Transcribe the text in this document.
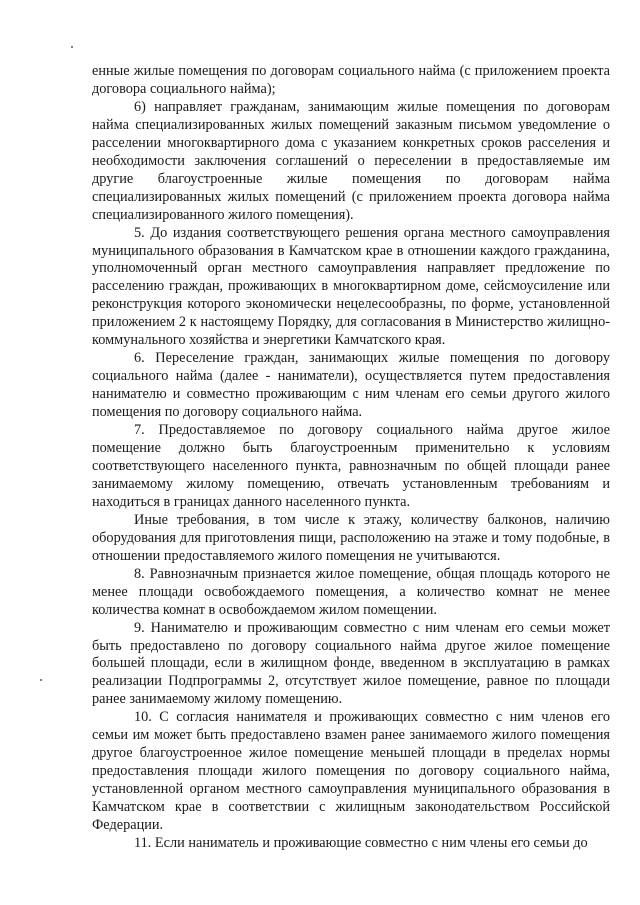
енные жилые помещения по договорам социального найма (с приложением проекта договора социального найма);

6) направляет гражданам, занимающим жилые помещения по договорам найма специализированных жилых помещений заказным письмом уведомление о расселении многоквартирного дома с указанием конкретных сроков расселения и необходимости заключения соглашений о переселении в предоставляемые им другие благоустроенные жилые помещения по договорам найма специализированных жилых помещений (с приложением проекта договора найма специализированного жилого помещения).

5. До издания соответствующего решения органа местного самоуправления муниципального образования в Камчатском крае в отношении каждого гражданина, уполномоченный орган местного самоуправления направляет предложение по расселению граждан, проживающих в многоквартирном доме, сейсмоусиление или реконструкция которого экономически нецелесообразны, по форме, установленной приложением 2 к настоящему Порядку, для согласования в Министерство жилищно-коммунального хозяйства и энергетики Камчатского края.

6. Переселение граждан, занимающих жилые помещения по договору социального найма (далее - наниматели), осуществляется путем предоставления нанимателю и совместно проживающим с ним членам его семьи другого жилого помещения по договору социального найма.

7. Предоставляемое по договору социального найма другое жилое помещение должно быть благоустроенным применительно к условиям соответствующего населенного пункта, равнозначным по общей площади ранее занимаемому жилому помещению, отвечать установленным требованиям и находиться в границах данного населенного пункта.

Иные требования, в том числе к этажу, количеству балконов, наличию оборудования для приготовления пищи, расположению на этаже и тому подобные, в отношении предоставляемого жилого помещения не учитываются.

8. Равнозначным признается жилое помещение, общая площадь которого не менее площади освобождаемого помещения, а количество комнат не менее количества комнат в освобождаемом жилом помещении.

9. Нанимателю и проживающим совместно с ним членам его семьи может быть предоставлено по договору социального найма другое жилое помещение большей площади, если в жилищном фонде, введенном в эксплуатацию в рамках реализации Подпрограммы 2, отсутствует жилое помещение, равное по площади ранее занимаемому жилому помещению.

10. С согласия нанимателя и проживающих совместно с ним членов его семьи им может быть предоставлено взамен ранее занимаемого жилого помещения другое благоустроенное жилое помещение меньшей площади в пределах нормы предоставления площади жилого помещения по договору социального найма, установленной органом местного самоуправления муниципального образования в Камчатском крае в соответствии с жилищным законодательством Российской Федерации.

11. Если наниматель и проживающие совместно с ним члены его семьи до
